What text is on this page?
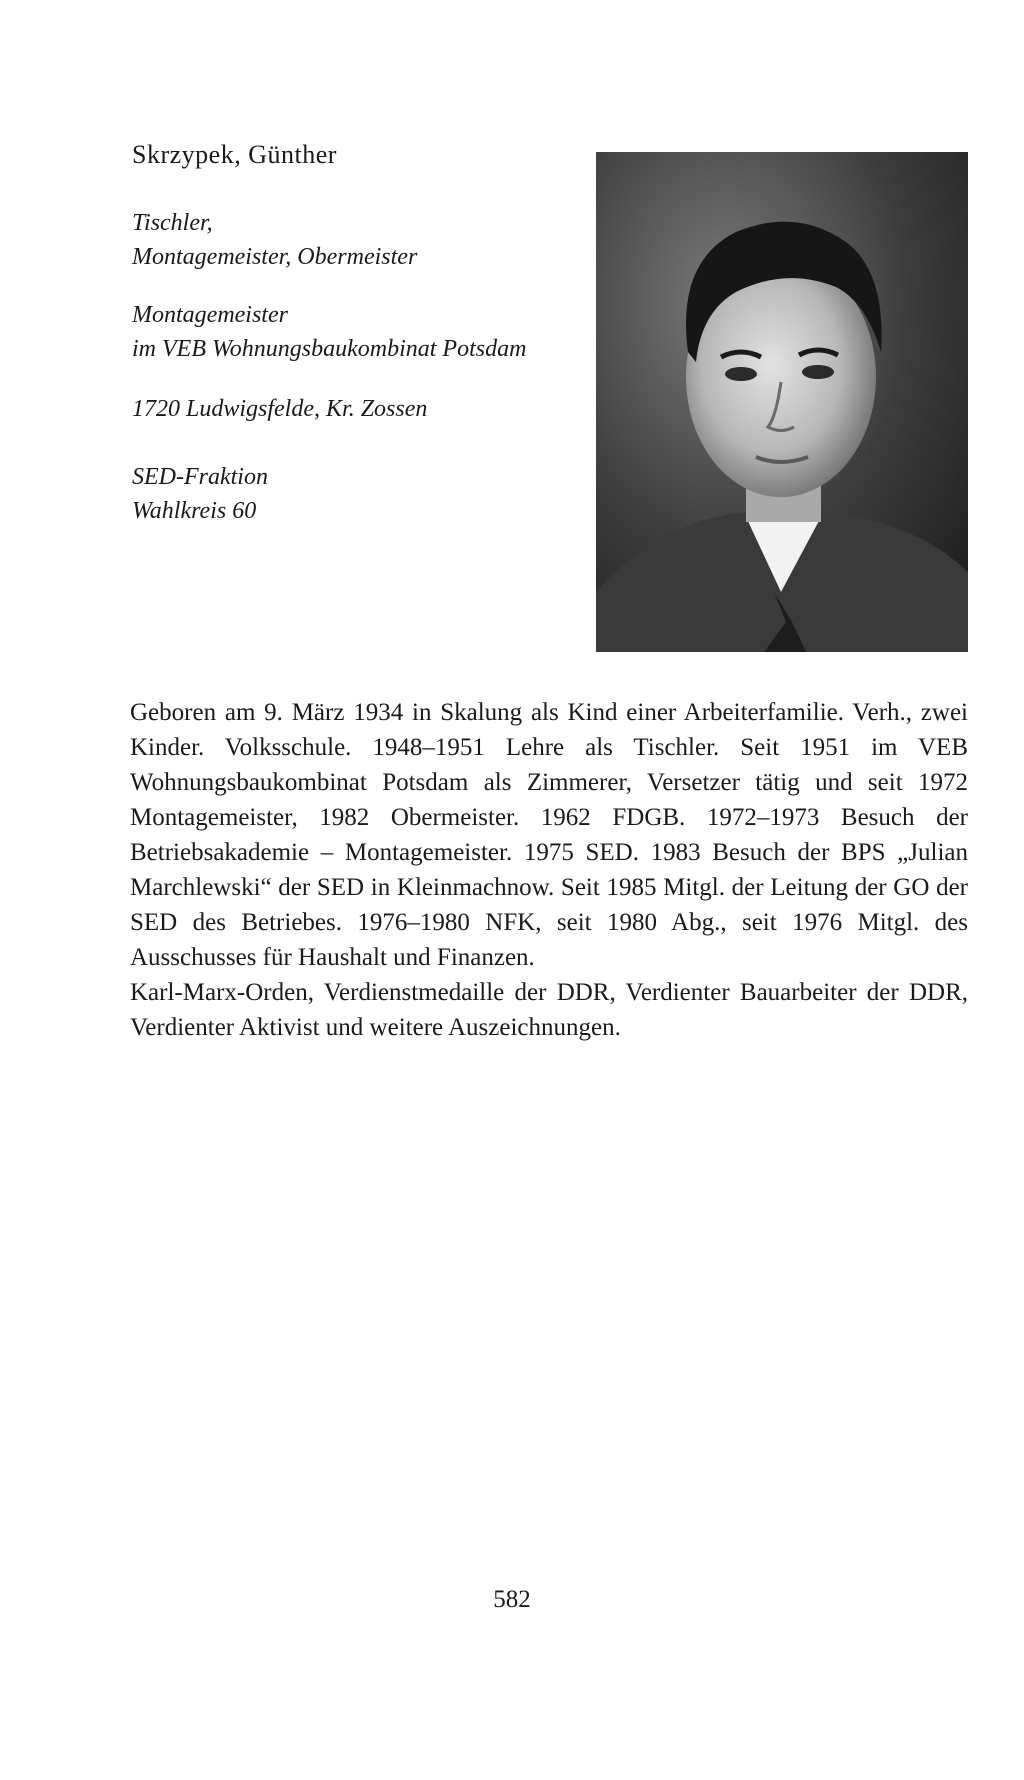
Skrzypek, Günther
Tischler,
Montagemeister, Obermeister
Montagemeister
im VEB Wohnungsbaukombinat Potsdam
1720 Ludwigsfelde, Kr. Zossen
SED-Fraktion
Wahlkreis 60

Geboren am 9. März 1934 in Skalung als Kind einer Arbeiterfamilie. Verh., zwei Kinder. Volksschule. 1948–1951 Lehre als Tischler. Seit 1951 im VEB Wohnungsbaukombinat Potsdam als Zimmerer, Versetzer tätig und seit 1972 Montagemeister, 1982 Obermeister. 1962 FDGB. 1972–1973 Besuch der Betriebsakademie – Montagemeister. 1975 SED. 1983 Besuch der BPS „Julian Marchlewski“ der SED in Kleinmachnow. Seit 1985 Mitgl. der Leitung der GO der SED des Betriebes. 1976–1980 NFK, seit 1980 Abg., seit 1976 Mitgl. des Ausschusses für Haushalt und Finanzen.

Karl-Marx-Orden, Verdienstmedaille der DDR, Verdienter Bauarbeiter der DDR, Verdienter Aktivist und weitere Auszeichnungen.

582
